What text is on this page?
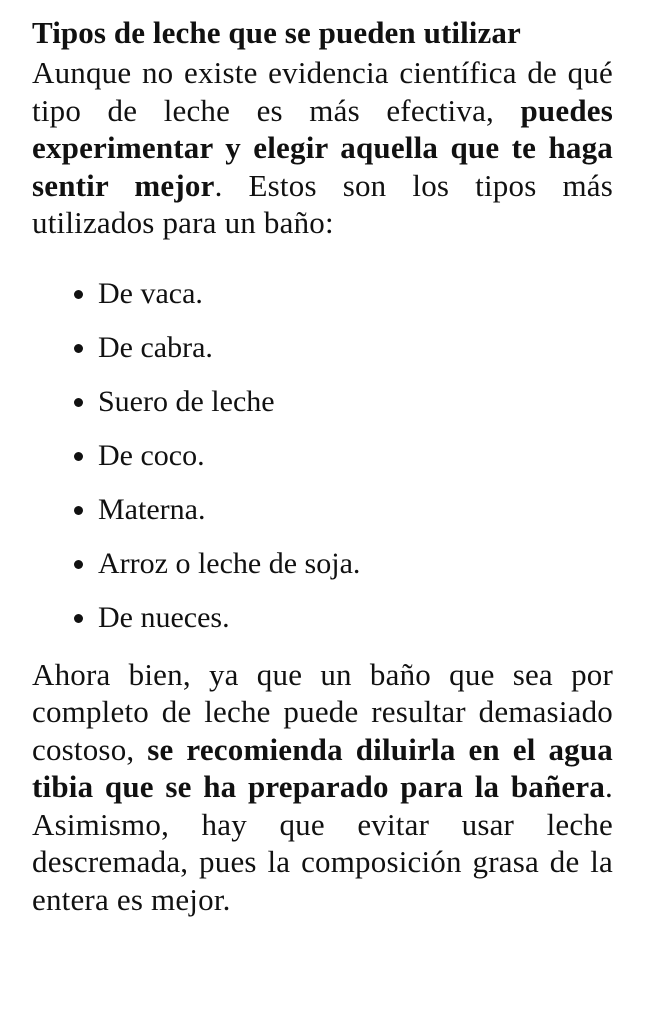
Tipos de leche que se pueden utilizar

Aunque no existe evidencia científica de qué tipo de leche es más efectiva, puedes experimentar y elegir aquella que te haga sentir mejor. Estos son los tipos más utilizados para un baño:

De vaca.
De cabra.
Suero de leche
De coco.
Materna.
Arroz o leche de soja.
De nueces.

Ahora bien, ya que un baño que sea por completo de leche puede resultar demasiado costoso, se recomienda diluirla en el agua tibia que se ha preparado para la bañera. Asimismo, hay que evitar usar leche descremada, pues la composición grasa de la entera es mejor.
